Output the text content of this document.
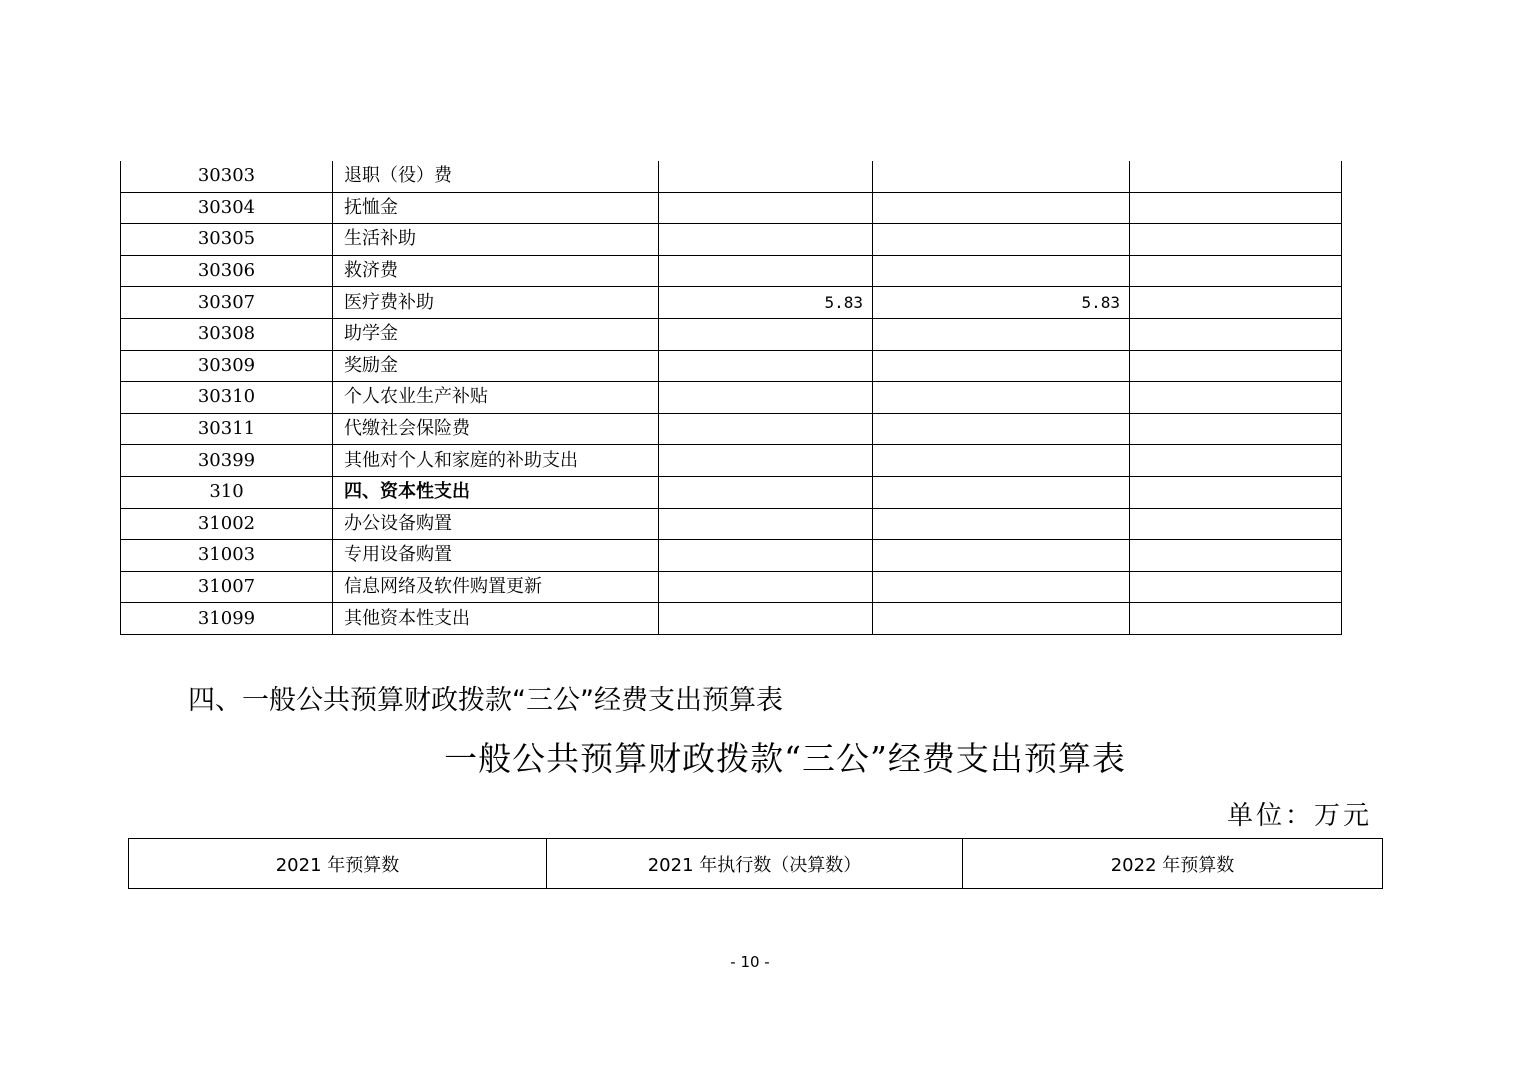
30303	退职（役）费			
30304	抚恤金			
30305	生活补助			
30306	救济费			
30307	医疗费补助	5.83	5.83	
30308	助学金			
30309	奖励金			
30310	个人农业生产补贴			
30311	代缴社会保险费			
30399	其他对个人和家庭的补助支出			
310	四、资本性支出			
31002	办公设备购置			
31003	专用设备购置			
31007	信息网络及软件购置更新			
31099	其他资本性支出			
四、一般公共预算财政拨款“三公”经费支出预算表
一般公共预算财政拨款“三公”经费支出预算表
单位：万元
2021 年预算数	2021 年执行数（决算数）	2022 年预算数
- 10 -
